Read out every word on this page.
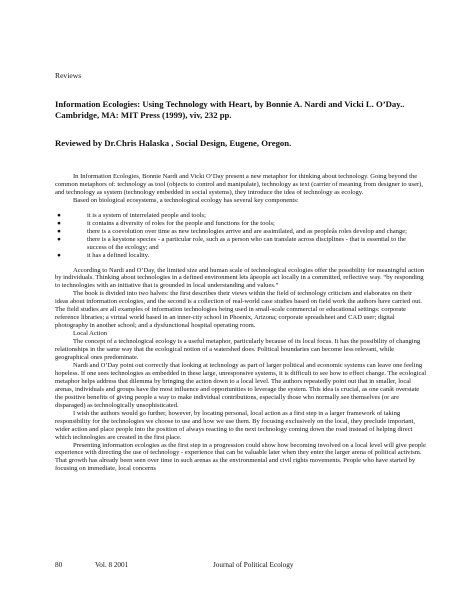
Reviews
Information Ecologies: Using Technology with Heart, by Bonnie A. Nardi and Vicki L. O’Day.. Cambridge, MA: MIT Press (1999), viv, 232 pp.
Reviewed by Dr.Chris Halaska , Social Design, Eugene, Oregon.

In Information Ecologies, Bonnie Nardi and Vicki O’Day present a new metaphor for thinking about technology. Going beyond the common metaphors of: technology as tool (objects to control and manipulate), technology as text (carrier of meaning from designer to user), and technology as system (technology embedded in social systems), they introduce the idea of technology as ecology.

Based on biological ecosystems, a technological ecology has several key components:

●	it is a system of interrelated people and tools;
●	it contains a diversity of roles for the people and functions for the tools;
●	there is a coevolution over time as new technologies arrive and are assimilated, and as peopleâs roles develop and change;
●	there is a keystone species - a particular role, such as a person who can translate across disciplines - that is essential to the success of the ecology; and
●	it has a defined locality.

According to Nardi and O’Day, the limited size and human scale of technological ecologies offer the possibility for meaningful action by individuals. Thinking about technologies in a defined environment lets âpeople act locally in a committed, reflective way. “by responding to technologies with an initiative that is grounded in local understanding and values.”

The book is divided into two halves: the first describes their views within the field of technology criticism and elaborates on their ideas about information ecologies, and the second is a collection of real-world case studies based on field work the authors have carried out. The field studies are all examples of information technologies being used in small-scale commercial or educational settings: corporate reference libraries; a virtual world based in an inner-city school in Phoenix, Arizona; corporate spreadsheet and CAD user; digital photography in another school; and a dysfunctional hospital operating room.

Local Action

The concept of a technological ecology is a useful metaphor, particularly because of its local focus. It has the possibility of changing relationships in the same way that the ecological notion of a watershed does. Political boundaries can become less relevant, while geographical ones predominate.

Nardi and O’Day point out correctly that looking at technology as part of larger political and economic systems can leave one feeling hopeless. If one sees technologies as embedded in these large, unresponsive systems, it is difficult to see how to effect change. The ecological metaphor helps address that dilemma by bringing the action down to a local level. The authors repeatedly point out that in smaller, local arenas, individuals and groups have the most influence and opportunities to leverage the system. This idea is crucial, as one canât overstate the positive benefits of giving people a way to make individual contributions, especially those who normally see themselves (or are disparaged) as technologically unsophisticated.

I wish the authors would go further, however, by locating personal, local action as a first step in a larger framework of taking responsibility for the technologies we choose to use and how we use them. By focusing exclusively on the local, they preclude important, wider action and place people into the position of always reacting to the next technology coming down the road instead of helping direct which technologies are created in the first place.

Presenting information ecologies as the first step in a progression could show how becoming involved on a local level will give people experience with directing the use of technology - experience that can be valuable later when they enter the larger arena of political activism. That growth has already been seen over time in such arenas as the environmental and civil rights movements. People who have started by focusing on immediate, local concerns

80	Vol. 8 2001	Journal of Political Ecology
